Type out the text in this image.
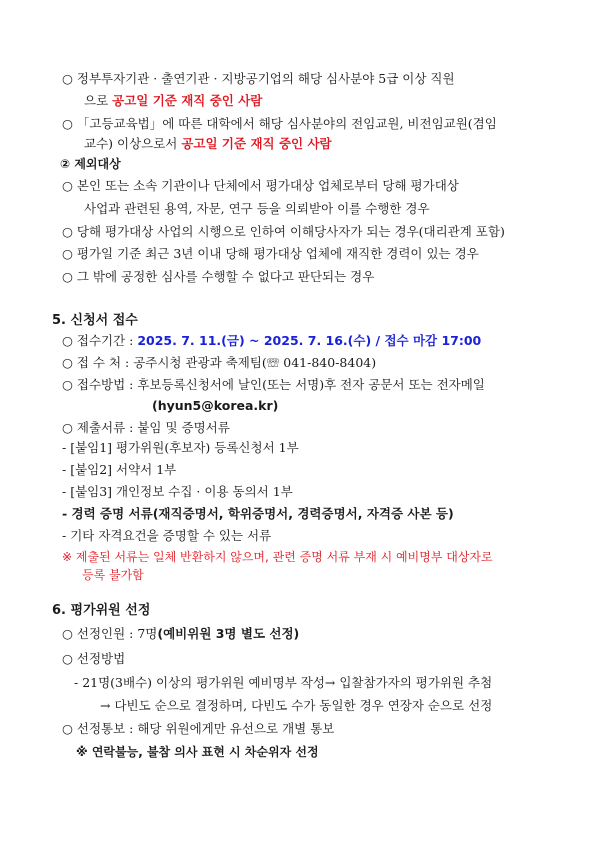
○ 정부투자기관 · 출연기관 · 지방공기업의 해당 심사분야 5급 이상 직원
으로 공고일 기준 재직 중인 사람
○ 「고등교육법」에 따른 대학에서 해당 심사분야의 전임교원, 비전임교원(겸임
교수) 이상으로서 공고일 기준 재직 중인 사람
② 제외대상
○ 본인 또는 소속 기관이나 단체에서 평가대상 업체로부터 당해 평가대상
사업과 관련된 용역, 자문, 연구 등을 의뢰받아 이를 수행한 경우
○ 당해 평가대상 사업의 시행으로 인하여 이해당사자가 되는 경우(대리관계 포함)
○ 평가일 기준 최근 3년 이내 당해 평가대상 업체에 재직한 경력이 있는 경우
○ 그 밖에 공정한 심사를 수행할 수 없다고 판단되는 경우
5. 신청서 접수
○ 접수기간 : 2025. 7. 11.(금) ~ 2025. 7. 16.(수) / 접수 마감 17:00
○ 접 수 처 : 공주시청 관광과 축제팀(☏ 041-840-8404)
○ 접수방법 : 후보등록신청서에 날인(또는 서명)후 전자 공문서 또는 전자메일
(hyun5@korea.kr)
○ 제출서류 : 붙임 및 증명서류
- [붙임1] 평가위원(후보자) 등록신청서 1부
- [붙임2] 서약서 1부
- [붙임3] 개인정보 수집 · 이용 동의서 1부
- 경력 증명 서류(재직증명서, 학위증명서, 경력증명서, 자격증 사본 등)
- 기타 자격요건을 증명할 수 있는 서류
※ 제출된 서류는 일체 반환하지 않으며, 관련 증명 서류 부재 시 예비명부 대상자로
등록 불가함
6. 평가위원 선정
○ 선정인원 : 7명(예비위원 3명 별도 선정)
○ 선정방법
- 21명(3배수) 이상의 평가위원 예비명부 작성→ 입찰참가자의 평가위원 추첨
→ 다빈도 순으로 결정하며, 다빈도 수가 동일한 경우 연장자 순으로 선정
○ 선정통보 : 해당 위원에게만 유선으로 개별 통보
※ 연락불능, 불참 의사 표현 시 차순위자 선정
